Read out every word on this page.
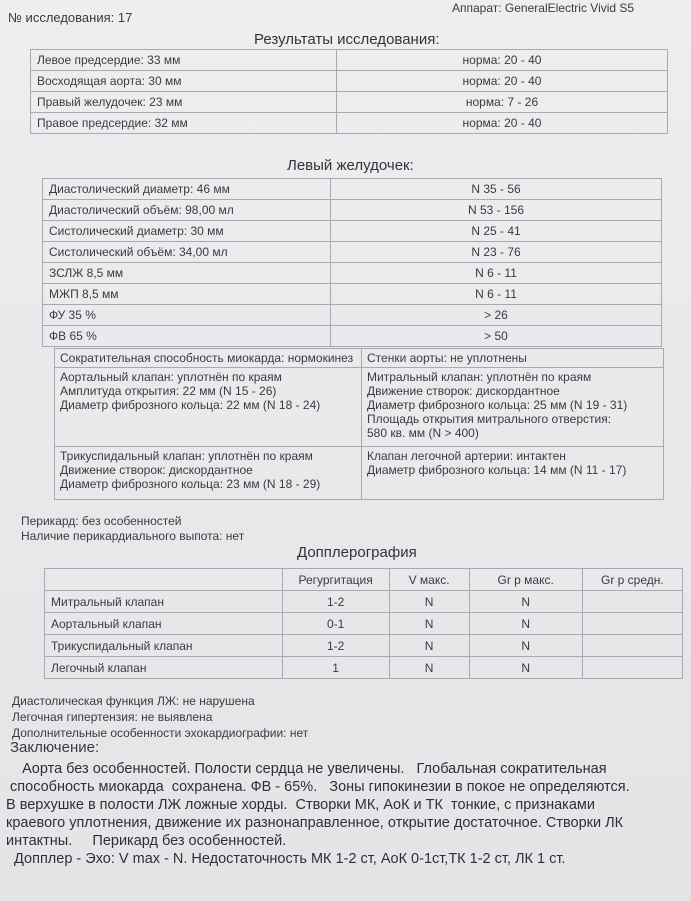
№ исследования: 17
Аппарат: GeneralElectric Vivid S5
Результаты исследования:
Левое предсердие: 33 мм	норма: 20 - 40
Восходящая аорта: 30 мм	норма: 20 - 40
Правый желудочек: 23 мм	норма: 7 - 26
Правое предсердие: 32 мм	норма: 20 - 40
Левый желудочек:
Диастолический диаметр: 46 мм	N 35 - 56
Диастолический объём: 98,00 мл	N 53 - 156
Систолический диаметр: 30 мм	N 25 - 41
Систолический объём: 34,00 мл	N 23 - 76
ЗСЛЖ 8,5 мм	N 6 - 11
МЖП 8,5 мм	N 6 - 11
ФУ 35 %	> 26
ФВ 65 %	> 50
Сократительная способность миокарда: нормокинез	Стенки аорты: не уплотнены

Аортальный клапан: уплотнён по краям
Амплитуда открытия: 22 мм (N 15 - 26)
Диаметр фиброзного кольца: 22 мм (N 18 - 24)	Митральный клапан: уплотнён по краям
Движение створок: дискордантное
Диаметр фиброзного кольца: 25 мм (N 19 - 31)
Площадь открытия митрального отверстия:
580 кв. мм (N > 400)

Трикуспидальный клапан: уплотнён по краям
Движение створок: дискордантное
Диаметр фиброзного кольца: 23 мм (N 18 - 29)	Клапан легочной артерии: интактен
Диаметр фиброзного кольца: 14 мм (N 11 - 17)
Перикард: без особенностей
Наличие перикардиального выпота: нет
Допплерография
	Регургитация	V макс.	Gr p макс.	Gr p средн.
Митральный клапан	1-2	N	N	
Аортальный клапан	0-1	N	N	
Трикуспидальный клапан	1-2	N	N	
Легочный клапан	1	N	N	
Диастолическая функция ЛЖ: не нарушена
Легочная гипертензия: не выявлена
Дополнительные особенности эхокардиографии: нет
Заключение:

Аорта без особенностей. Полости сердца не увеличены.   Глобальная сократительная

способность миокарда  сохранена. ФВ - 65%.   Зоны гипокинезии в покое не определяются.

В верхушке в полости ЛЖ ложные хорды.  Створки МК, АоК и ТК  тонкие, с признаками

краевого уплотнения, движение их разнонаправленное, открытие достаточное. Створки ЛК

интактны.     Перикард без особенностей.

Допплер - Эхо: V max - N. Недостаточность МК 1-2 ст, АоК 0-1ст,ТК 1-2 ст, ЛК 1 ст.
